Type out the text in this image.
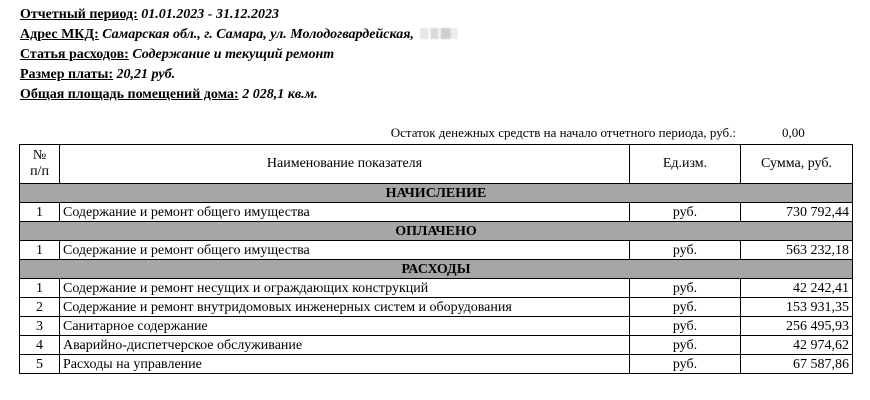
Отчетный период: 01.01.2023 - 31.12.2023
Адрес МКД: Самарская обл., г. Самара, ул. Молодогвардейская,
Статья расходов: Содержание и текущий ремонт
Размер платы: 20,21 руб.
Общая площадь помещений дома: 2 028,1 кв.м.
Остаток денежных средств на начало отчетного периода, руб.:	0,00
№
п/п	Наименование показателя	Ед.изм.	Сумма, руб.
НАЧИСЛЕНИЕ			
1	Содержание и ремонт общего имущества	руб.	730 792,44
ОПЛАЧЕНО			
1	Содержание и ремонт общего имущества	руб.	563 232,18
РАСХОДЫ			
1	Содержание и ремонт несущих и ограждающих конструкций	руб.	42 242,41
2	Содержание и ремонт внутридомовых инженерных систем и оборудования	руб.	153 931,35
3	Санитарное содержание	руб.	256 495,93
4	Аварийно-диспетчерское обслуживание	руб.	42 974,62
5	Расходы на управление	руб.	67 587,86
